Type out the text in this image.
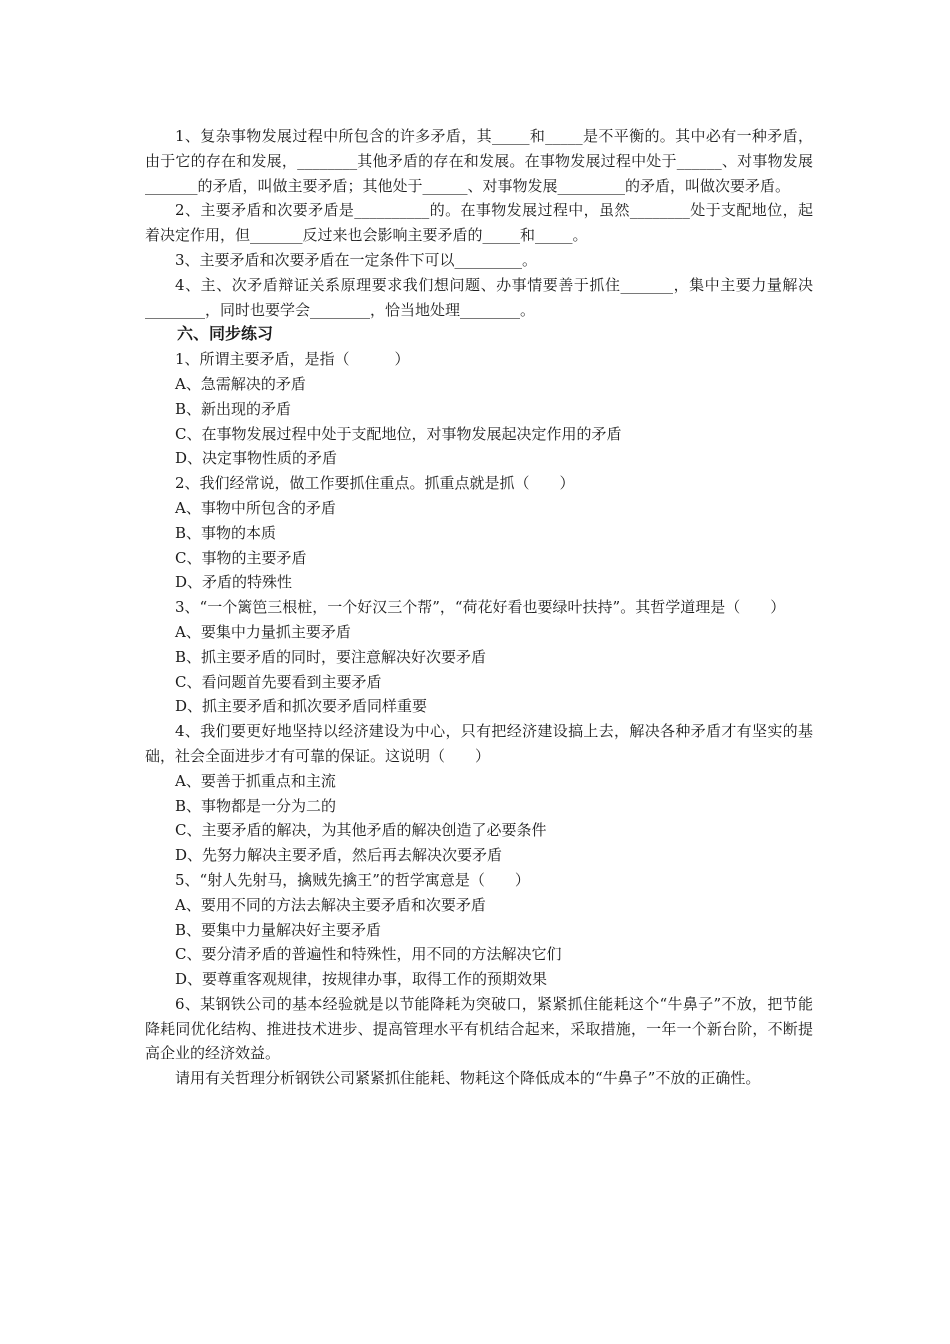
1、复杂事物发展过程中所包含的许多矛盾，其_____和_____是不平衡的。其中必有一种矛盾，由于它的存在和发展，________其他矛盾的存在和发展。在事物发展过程中处于______、对事物发展_______的矛盾，叫做主要矛盾；其他处于______、对事物发展_________的矛盾，叫做次要矛盾。

2、主要矛盾和次要矛盾是__________的。在事物发展过程中，虽然________处于支配地位，起着决定作用，但_______反过来也会影响主要矛盾的_____和_____。

3、主要矛盾和次要矛盾在一定条件下可以_________。

4、主、次矛盾辩证关系原理要求我们想问题、办事情要善于抓住_______，集中主要力量解决________，同时也要学会________，恰当地处理________。

六、同步练习

1、所谓主要矛盾，是指（　　　）

A、急需解决的矛盾

B、新出现的矛盾

C、在事物发展过程中处于支配地位，对事物发展起决定作用的矛盾

D、决定事物性质的矛盾

2、我们经常说，做工作要抓住重点。抓重点就是抓（　　）

A、事物中所包含的矛盾

B、事物的本质

C、事物的主要矛盾

D、矛盾的特殊性

3、“一个篱笆三根桩，一个好汉三个帮”，“荷花好看也要绿叶扶持”。其哲学道理是（　　）

A、要集中力量抓主要矛盾

B、抓主要矛盾的同时，要注意解决好次要矛盾

C、看问题首先要看到主要矛盾

D、抓主要矛盾和抓次要矛盾同样重要

4、我们要更好地坚持以经济建设为中心，只有把经济建设搞上去，解决各种矛盾才有坚实的基础，社会全面进步才有可靠的保证。这说明（　　）

A、要善于抓重点和主流

B、事物都是一分为二的

C、主要矛盾的解决，为其他矛盾的解决创造了必要条件

D、先努力解决主要矛盾，然后再去解决次要矛盾

5、“射人先射马，擒贼先擒王”的哲学寓意是（　　）

A、要用不同的方法去解决主要矛盾和次要矛盾

B、要集中力量解决好主要矛盾

C、要分清矛盾的普遍性和特殊性，用不同的方法解决它们

D、要尊重客观规律，按规律办事，取得工作的预期效果

6、某钢铁公司的基本经验就是以节能降耗为突破口，紧紧抓住能耗这个“牛鼻子”不放，把节能降耗同优化结构、推进技术进步、提高管理水平有机结合起来，采取措施，一年一个新台阶，不断提高企业的经济效益。

请用有关哲理分析钢铁公司紧紧抓住能耗、物耗这个降低成本的“牛鼻子”不放的正确性。
